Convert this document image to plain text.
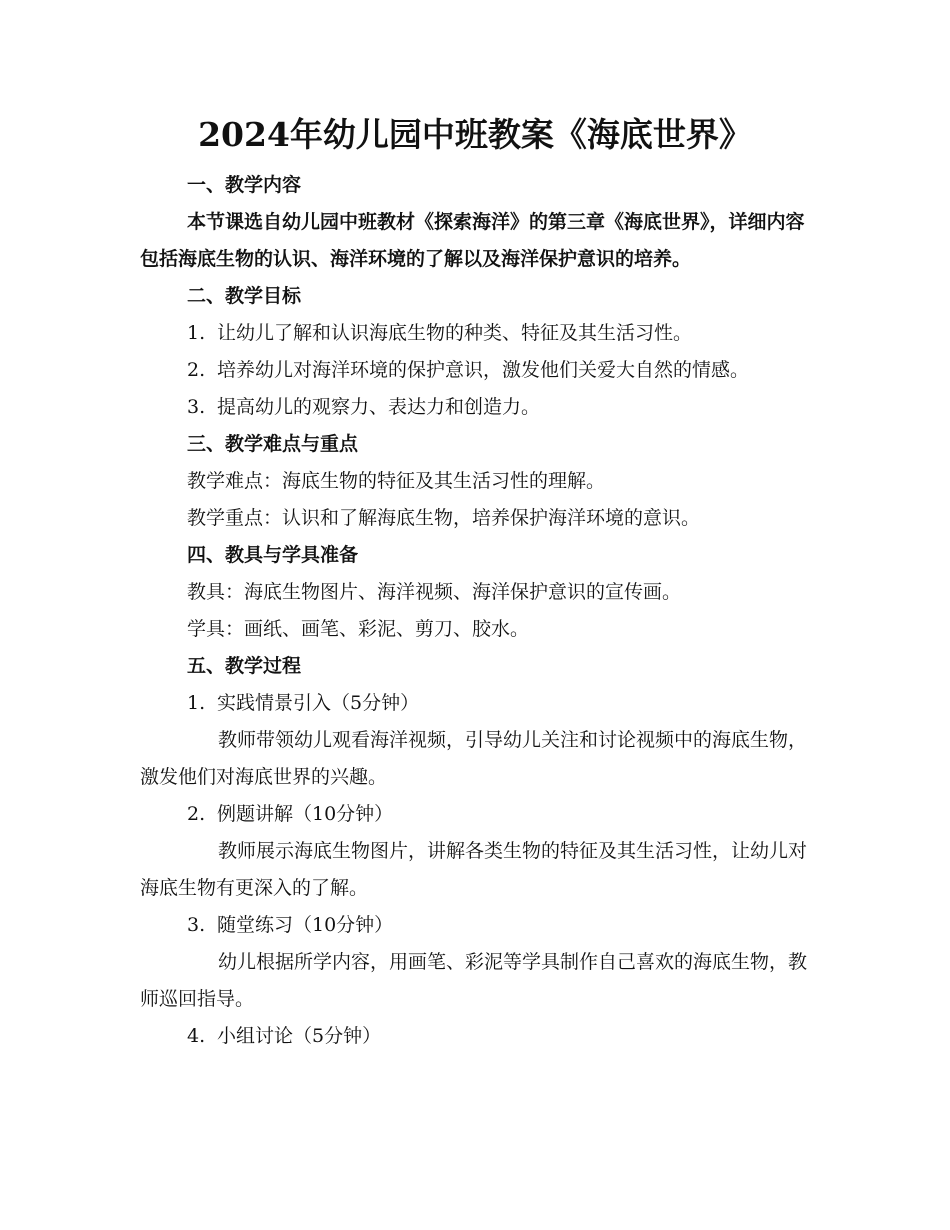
2024年幼儿园中班教案《海底世界》

一、教学内容

本节课选自幼儿园中班教材《探索海洋》的第三章《海底世界》，详细内容包括海底生物的认识、海洋环境的了解以及海洋保护意识的培养。

二、教学目标

1. 让幼儿了解和认识海底生物的种类、特征及其生活习性。

2. 培养幼儿对海洋环境的保护意识，激发他们关爱大自然的情感。

3. 提高幼儿的观察力、表达力和创造力。

三、教学难点与重点

教学难点：海底生物的特征及其生活习性的理解。

教学重点：认识和了解海底生物，培养保护海洋环境的意识。

四、教具与学具准备

教具：海底生物图片、海洋视频、海洋保护意识的宣传画。

学具：画纸、画笔、彩泥、剪刀、胶水。

五、教学过程

1. 实践情景引入（5分钟）

教师带领幼儿观看海洋视频，引导幼儿关注和讨论视频中的海底生物，激发他们对海底世界的兴趣。

2. 例题讲解（10分钟）

教师展示海底生物图片，讲解各类生物的特征及其生活习性，让幼儿对海底生物有更深入的了解。

3. 随堂练习（10分钟）

幼儿根据所学内容，用画笔、彩泥等学具制作自己喜欢的海底生物，教师巡回指导。

4. 小组讨论（5分钟）
